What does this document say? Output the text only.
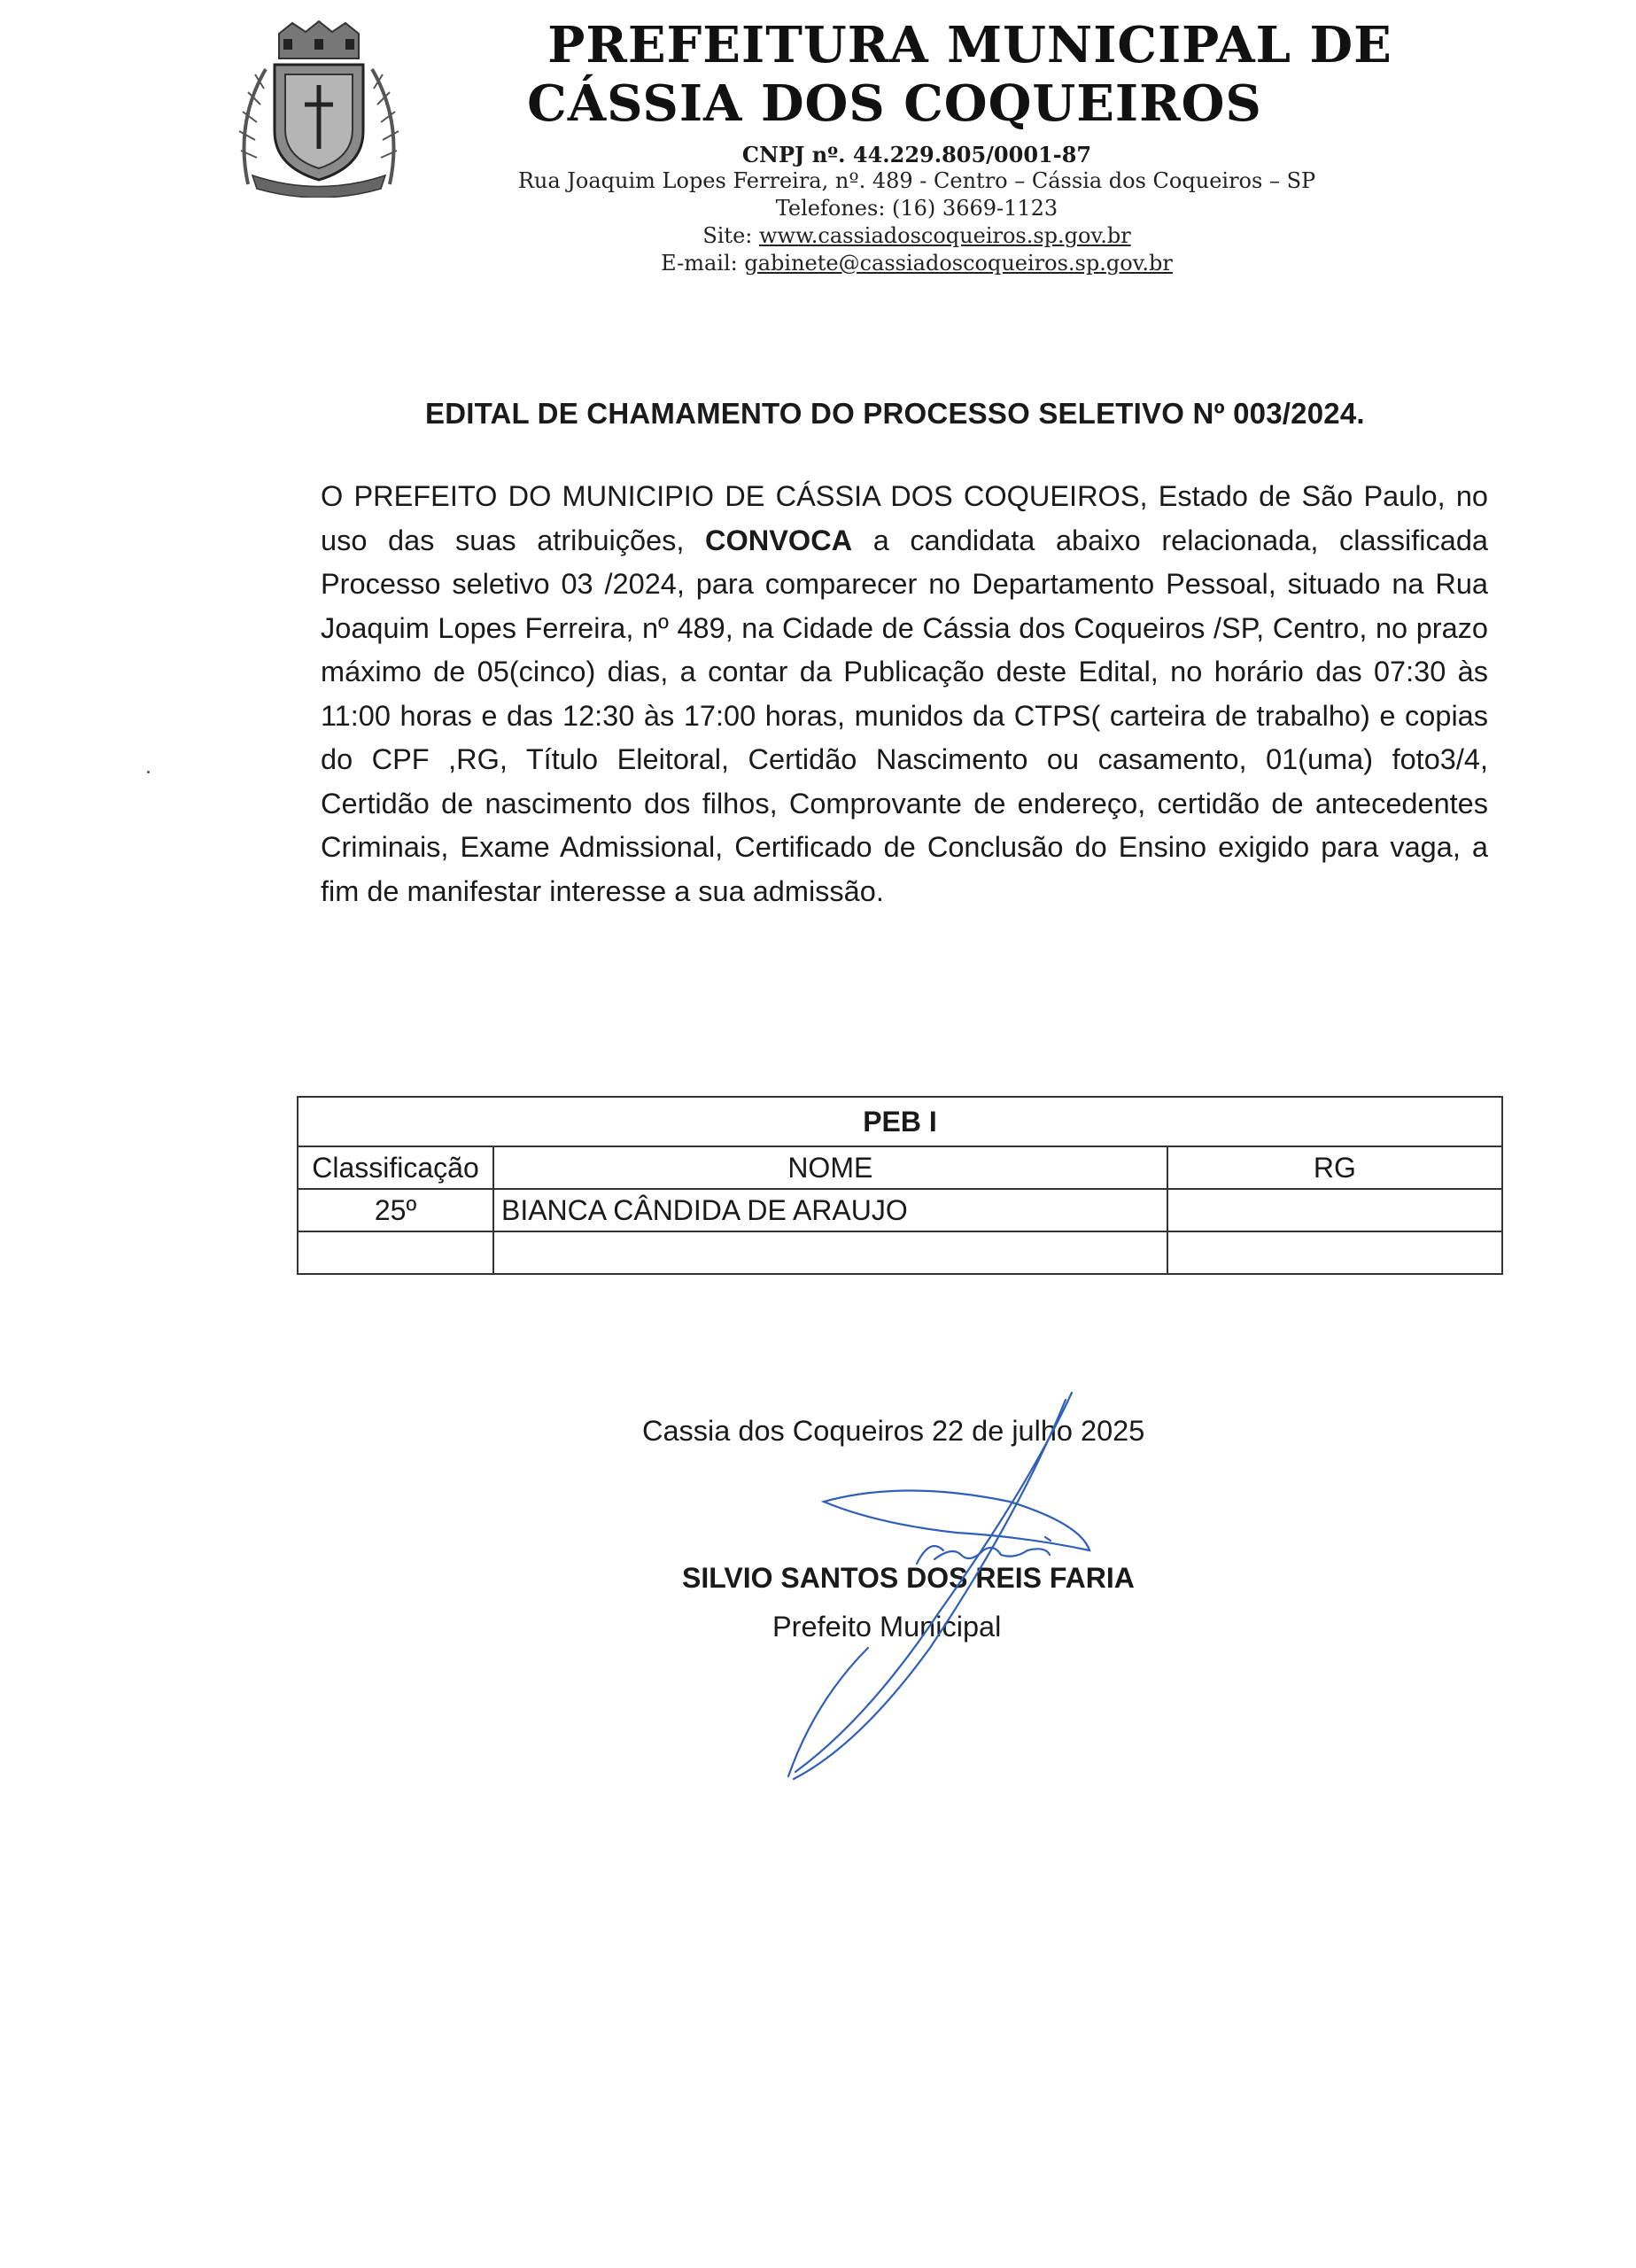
PREFEITURA MUNICIPAL DE
CÁSSIA DOS COQUEIROS
CNPJ nº. 44.229.805/0001-87
Rua Joaquim Lopes Ferreira, nº. 489 - Centro – Cássia dos Coqueiros – SP
Telefones: (16) 3669-1123
Site: www.cassiadoscoqueiros.sp.gov.br
E-mail: gabinete@cassiadoscoqueiros.sp.gov.br
EDITAL DE CHAMAMENTO DO PROCESSO SELETIVO Nº 003/2024.
O PREFEITO DO MUNICIPIO DE CÁSSIA DOS COQUEIROS, Estado de São Paulo, no uso das suas atribuições, CONVOCA a candidata abaixo relacionada, classificada Processo seletivo 03 /2024, para comparecer no Departamento Pessoal, situado na Rua Joaquim Lopes Ferreira, nº 489, na Cidade de Cássia dos Coqueiros /SP, Centro, no prazo máximo de 05(cinco) dias, a contar da Publicação deste Edital, no horário das 07:30 às 11:00 horas e das 12:30 às 17:00 horas, munidos da CTPS( carteira de trabalho) e copias do CPF ,RG, Título Eleitoral, Certidão Nascimento ou casamento, 01(uma) foto3/4, Certidão de nascimento dos filhos, Comprovante de endereço, certidão de antecedentes Criminais, Exame Admissional, Certificado de Conclusão do Ensino exigido para vaga, a fim de manifestar interesse a sua admissão.
PEB I		
Classificação	NOME	RG
25º	BIANCA CÂNDIDA DE ARAUJO	

Cassia dos Coqueiros 22 de julho 2025
SILVIO SANTOS DOS REIS FARIA
Prefeito Municipal
